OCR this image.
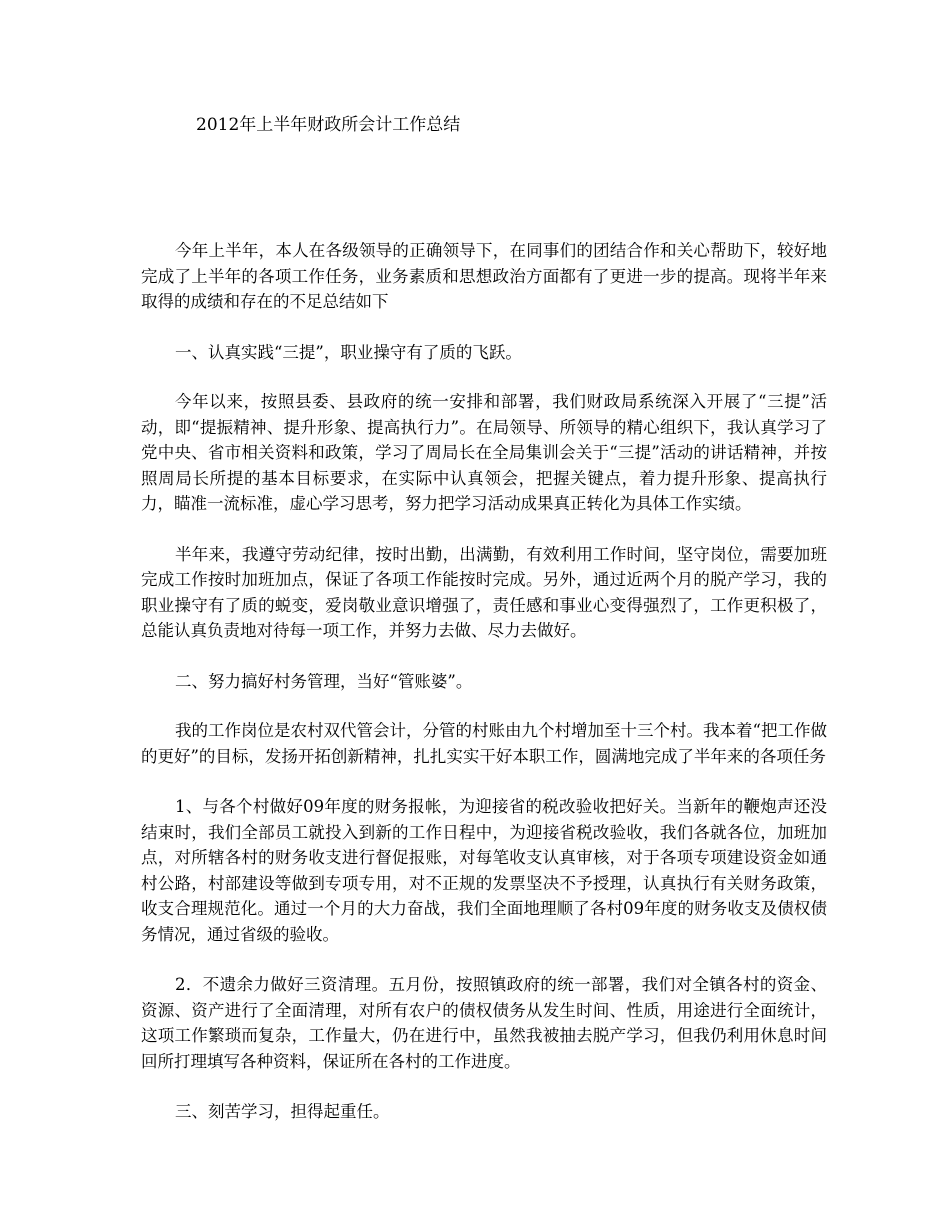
2012年上半年财政所会计工作总结

今年上半年，本人在各级领导的正确领导下，在同事们的团结合作和关心帮助下，较好地完成了上半年的各项工作任务，业务素质和思想政治方面都有了更进一步的提高。现将半年来取得的成绩和存在的不足总结如下

一、认真实践“三提”，职业操守有了质的飞跃。

今年以来，按照县委、县政府的统一安排和部署，我们财政局系统深入开展了“三提”活动，即“提振精神、提升形象、提高执行力”。在局领导、所领导的精心组织下，我认真学习了党中央、省市相关资料和政策，学习了周局长在全局集训会关于“三提”活动的讲话精神，并按照周局长所提的基本目标要求，在实际中认真领会，把握关键点，着力提升形象、提高执行力，瞄准一流标准，虚心学习思考，努力把学习活动成果真正转化为具体工作实绩。

半年来，我遵守劳动纪律，按时出勤，出满勤，有效利用工作时间，坚守岗位，需要加班完成工作按时加班加点，保证了各项工作能按时完成。另外，通过近两个月的脱产学习，我的职业操守有了质的蜕变，爱岗敬业意识增强了，责任感和事业心变得强烈了，工作更积极了，总能认真负责地对待每一项工作，并努力去做、尽力去做好。

二、努力搞好村务管理，当好“管账婆”。

我的工作岗位是农村双代管会计，分管的村账由九个村增加至十三个村。我本着“把工作做的更好”的目标，发扬开拓创新精神，扎扎实实干好本职工作，圆满地完成了半年来的各项任务

1、与各个村做好09年度的财务报帐，为迎接省的税改验收把好关。当新年的鞭炮声还没结束时，我们全部员工就投入到新的工作日程中，为迎接省税改验收，我们各就各位，加班加点，对所辖各村的财务收支进行督促报账，对每笔收支认真审核，对于各项专项建设资金如通村公路，村部建设等做到专项专用，对不正规的发票坚决不予授理，认真执行有关财务政策，收支合理规范化。通过一个月的大力奋战，我们全面地理顺了各村09年度的财务收支及债权债务情况，通过省级的验收。

2．不遗余力做好三资清理。五月份，按照镇政府的统一部署，我们对全镇各村的资金、资源、资产进行了全面清理，对所有农户的债权债务从发生时间、性质，用途进行全面统计，这项工作繁琐而复杂，工作量大，仍在进行中，虽然我被抽去脱产学习，但我仍利用休息时间回所打理填写各种资料，保证所在各村的工作进度。

三、刻苦学习，担得起重任。
